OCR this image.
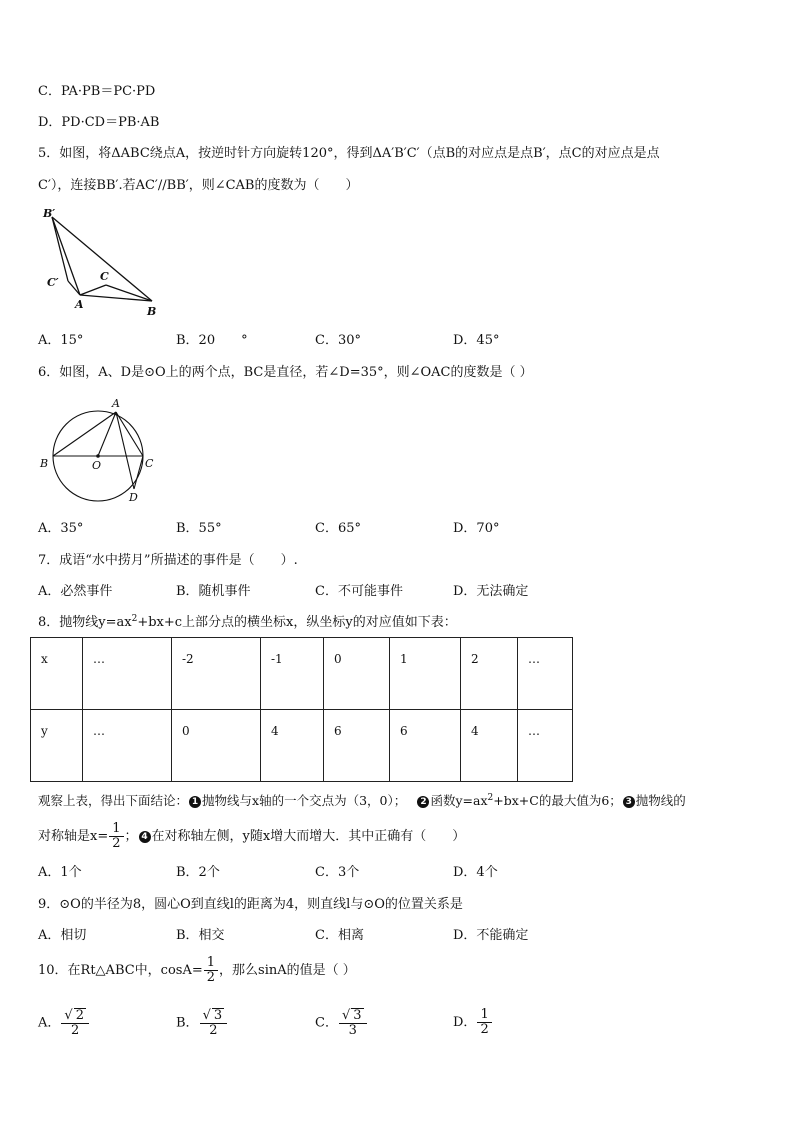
C．PA·PB＝PC·PD
D．PD·CD＝PB·AB
5．如图，将ΔABC绕点A，按逆时针方向旋转120°，得到ΔA′B′C′（点B的对应点是点B′，点C的对应点是点
C′），连接BB′.若AC′//BB′，则∠CAB的度数为（　　）
B′
C′
A
C
B
A．15°	B．20　　°	C．30°	D．45°
6．如图，A、D是⊙O上的两个点，BC是直径，若∠D=35°，则∠OAC的度数是（ ）
A
B	O	C
D
A．35°	B．55°	C．65°	D．70°
7．成语“水中捞月”所描述的事件是（　　）.
A．必然事件	B．随机事件	C．不可能事件	D．无法确定
8．抛物线$y=ax^2+bx+c$上部分点的横坐标x，纵坐标y的对应值如下表：
x	…	-2	-1	0	1	2	…
y	…	0	4	6	6	4	…
观察上表，得出下面结论： 1 抛物线与x轴的一个交点为（3，0）；　 2 函数$y=ax^2+bx+C$的最大值为6； 3 抛物线的
对称轴是$x= \frac{1}{2}$ ； 4 在对称轴左侧，y随x增大而增大．其中正确有（　　）
A．1个	B．2个	C．3个	D．4个
9．⊙O的半径为8，圆心O到直线l的距离为4，则直线l与⊙O的位置关系是
A．相切	B．相交	C．相离	D．不能确定
10．在Rt△ABC中，$\cos A= \frac{1}{2}$ ，那么sinA的值是（ ）
A． $\frac{√ 2}{2}$	B． $\frac{√ 3}{2}$	C． $\frac{√ 3}{3}$	D． $\frac{1}{2}$
